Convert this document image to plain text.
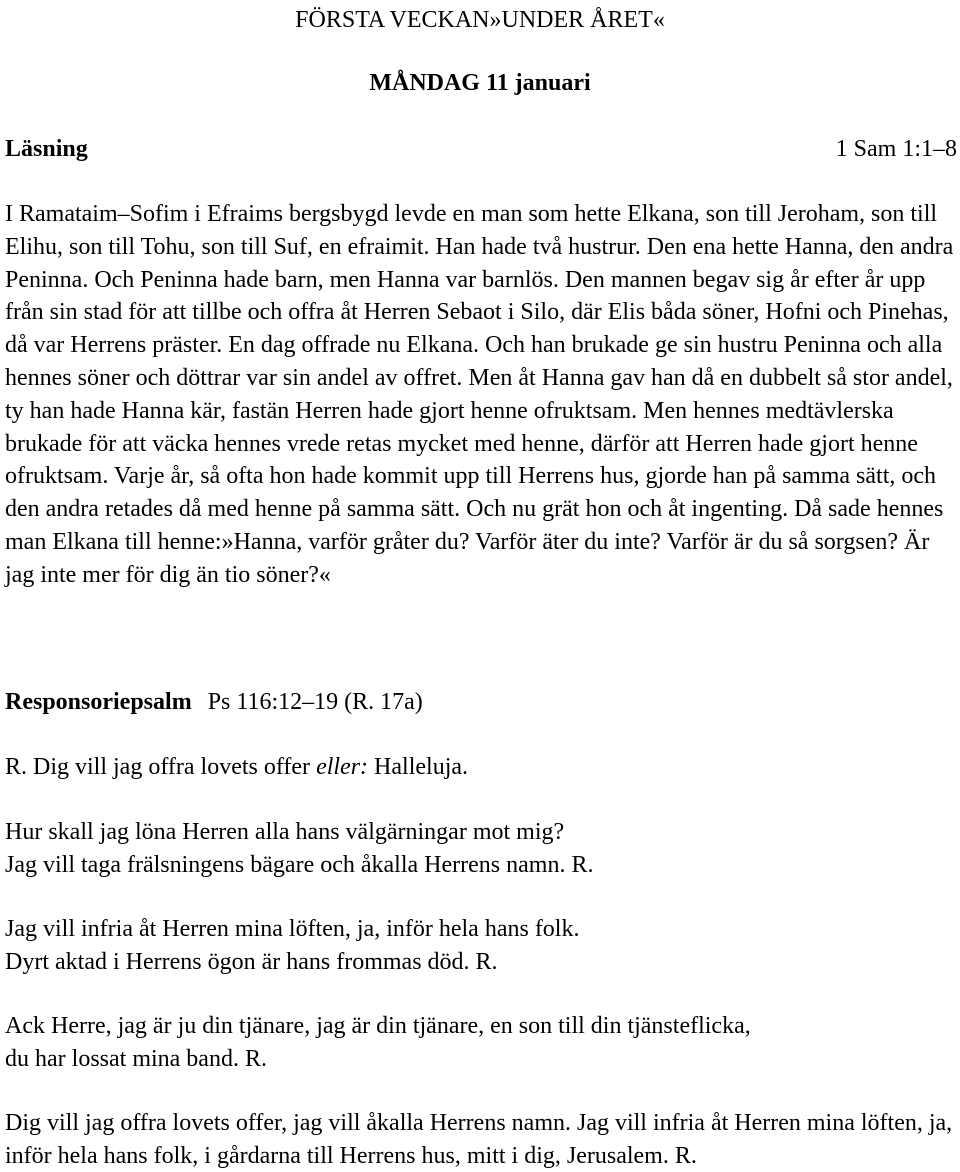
FÖRSTA VECKAN»UNDER ÅRET«
MÅNDAG 11 januari
Läsning	1 Sam 1:1–8

I Ramataim–Sofim i Efraims bergsbygd levde en man som hette Elkana, son till Jeroham, son till Elihu, son till Tohu, son till Suf, en efraimit. Han hade två hustrur. Den ena hette Hanna, den andra Peninna. Och Peninna hade barn, men Hanna var barnlös. Den mannen begav sig år efter år upp från sin stad för att tillbe och offra åt Herren Sebaot i Silo, där Elis båda söner, Hofni och Pinehas, då var Herrens präster. En dag offrade nu Elkana. Och han brukade ge sin hustru Peninna och alla hennes söner och döttrar var sin andel av offret. Men åt Hanna gav han då en dubbelt så stor andel, ty han hade Hanna kär, fastän Herren hade gjort henne ofruktsam. Men hennes medtävlerska brukade för att väcka hennes vrede retas mycket med henne, därför att Herren hade gjort henne ofruktsam. Varje år, så ofta hon hade kommit upp till Herrens hus, gjorde han på samma sätt, och den andra retades då med henne på samma sätt. Och nu grät hon och åt ingenting. Då sade hennes man Elkana till henne:»Hanna, varför gråter du? Varför äter du inte? Varför är du så sorgsen? Är jag inte mer för dig än tio söner?«

Responsoriepsalm Ps 116:12–19 (R. 17a)
R. Dig vill jag offra lovets offer eller: Halleluja.
Hur skall jag löna Herren alla hans välgärningar mot mig?
Jag vill taga frälsningens bägare och åkalla Herrens namn. R.
Jag vill infria åt Herren mina löften, ja, inför hela hans folk.
Dyrt aktad i Herrens ögon är hans frommas död. R.
Ack Herre, jag är ju din tjänare, jag är din tjänare, en son till din tjänsteflicka,
du har lossat mina band. R.
Dig vill jag offra lovets offer, jag vill åkalla Herrens namn. Jag vill infria åt Herren mina löften, ja, inför hela hans folk, i gårdarna till Herrens hus, mitt i dig, Jerusalem. R.
